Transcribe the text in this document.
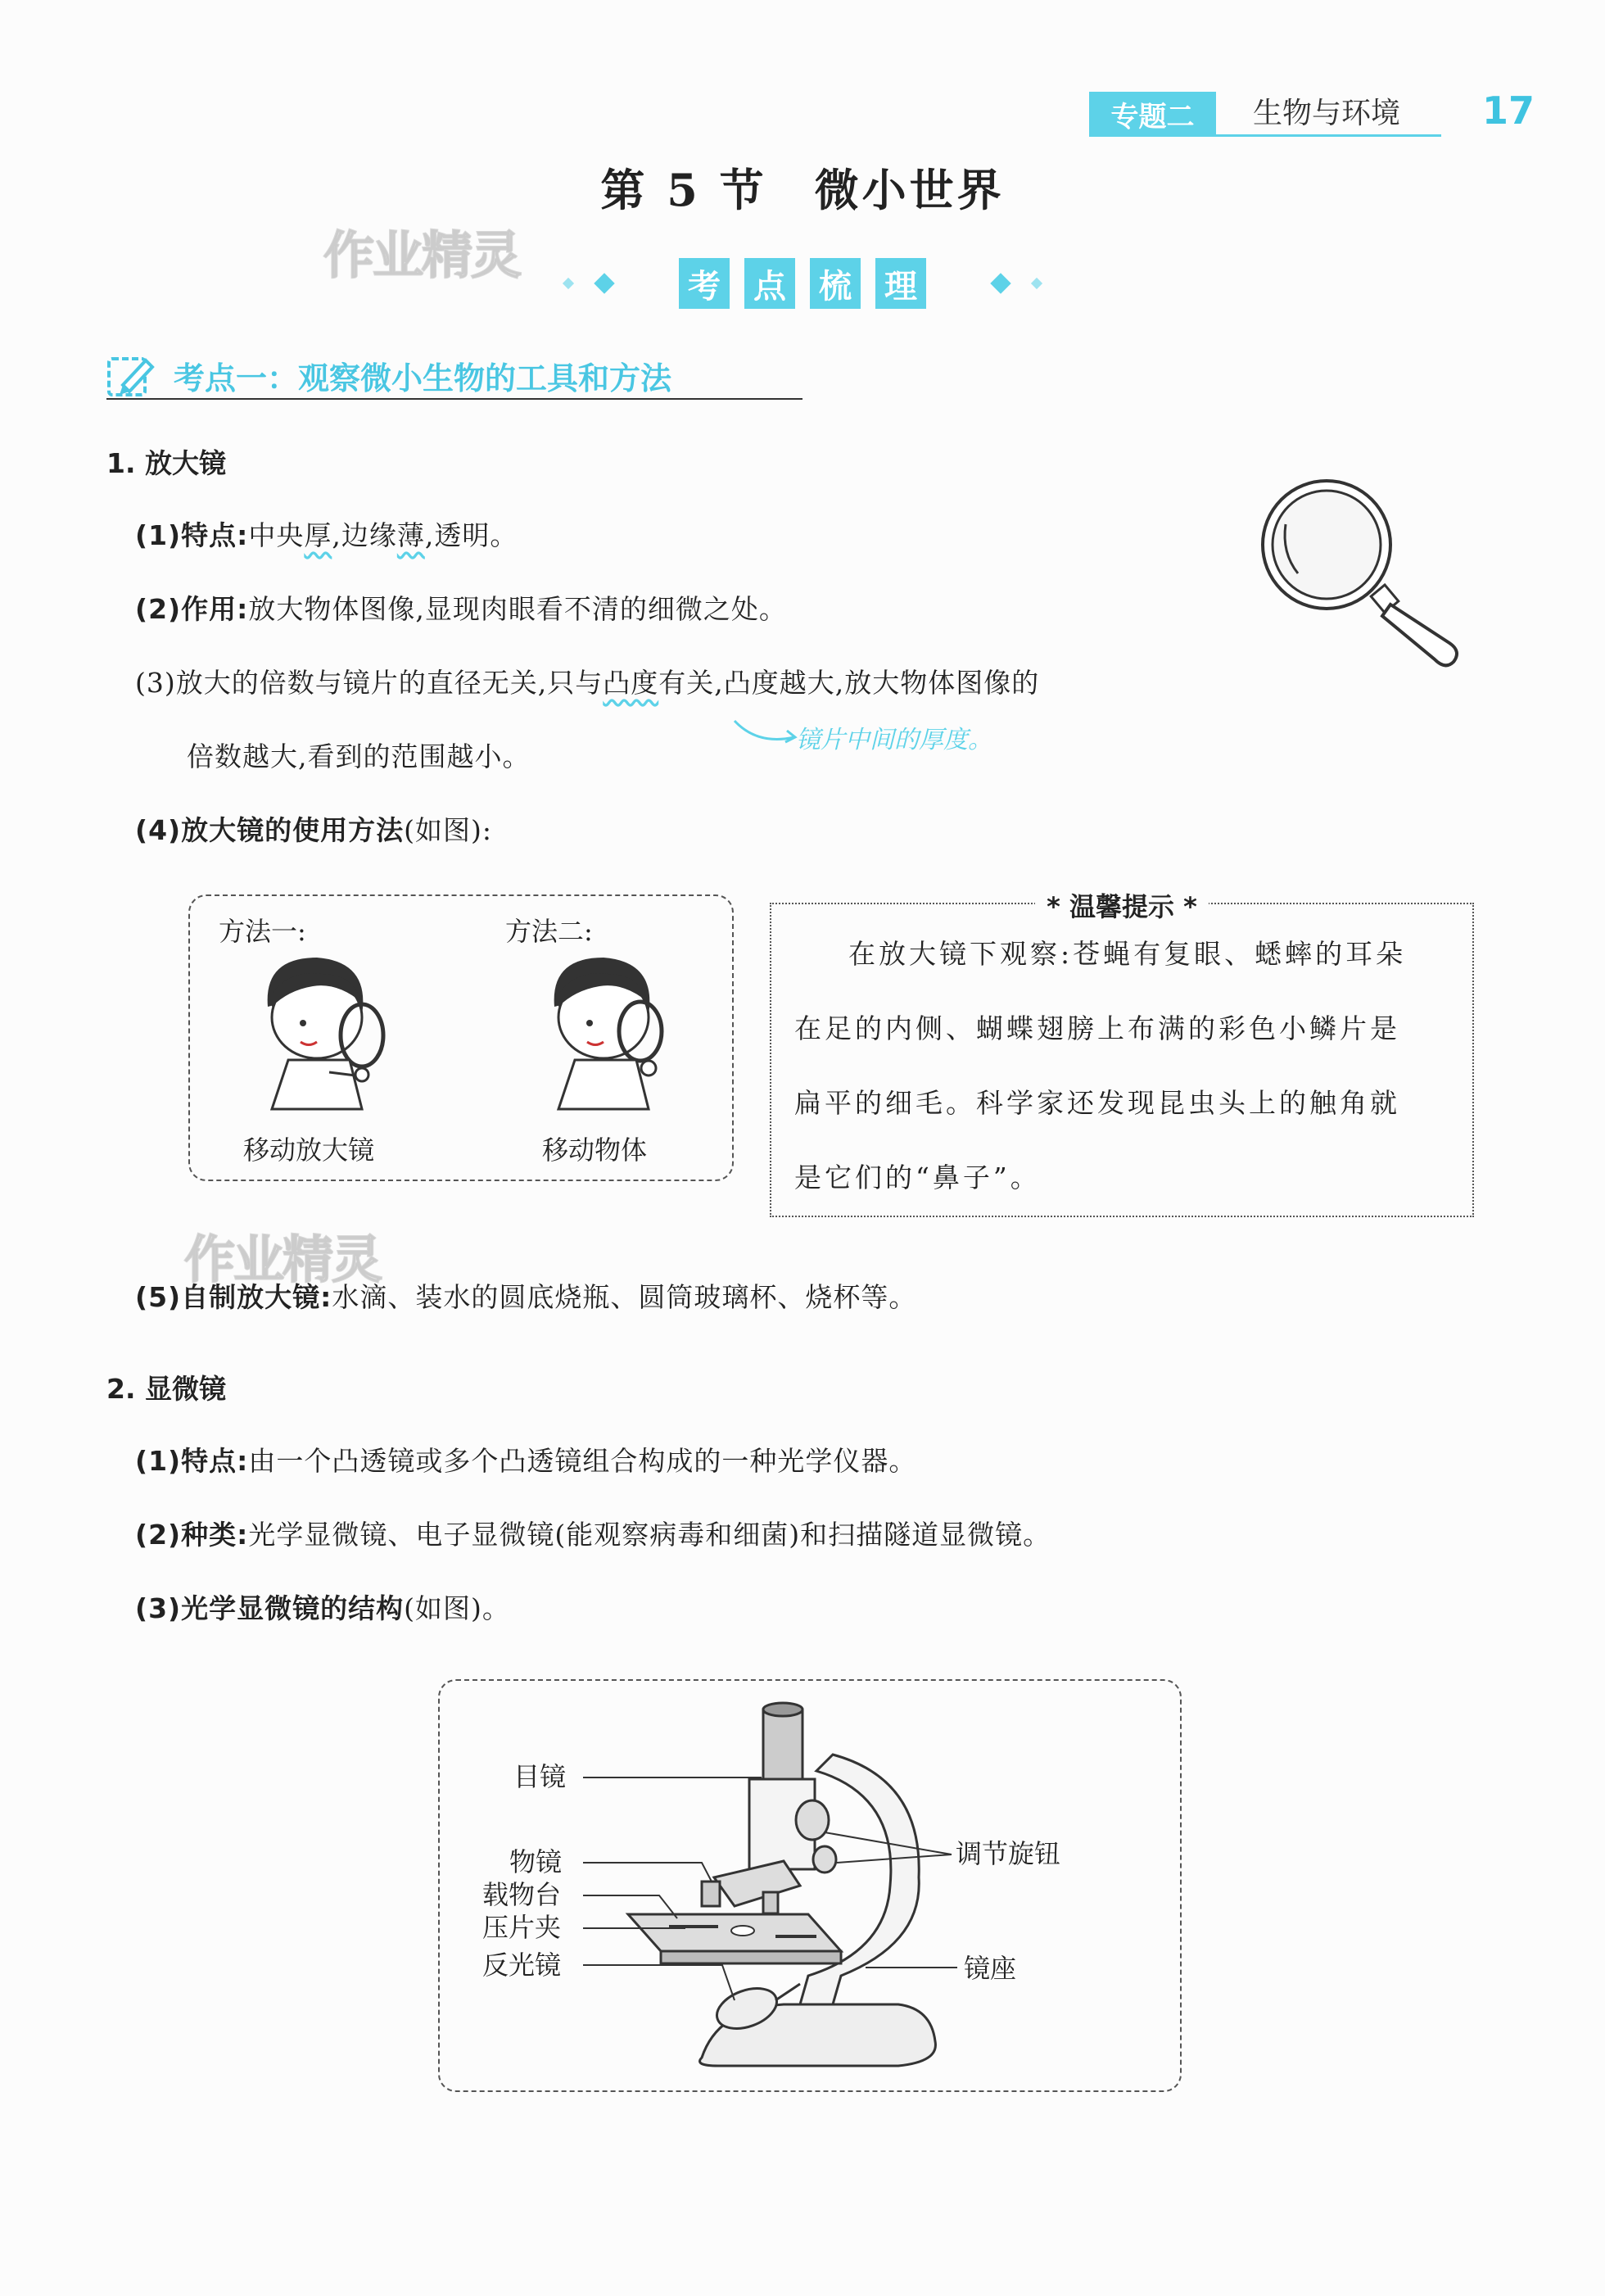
专题二	生物与环境 17
第 5 节　微小世界
作业精灵
作业精灵
考 点 梳 理
考点一：观察微小生物的工具和方法
1. 放大镜
(1)特点:中央厚,边缘薄,透明。
(2)作用:放大物体图像,显现肉眼看不清的细微之处。
(3)放大的倍数与镜片的直径无关,只与凸度有关,凸度越大,放大物体图像的
倍数越大,看到的范围越小。
镜片中间的厚度。
(4)放大镜的使用方法(如图):
方法一:	方法二:
移动放大镜	移动物体
* 温馨提示 *
在放大镜下观察:苍蝇有复眼、蟋蟀的耳朵
在足的内侧、蝴蝶翅膀上布满的彩色小鳞片是
扁平的细毛。科学家还发现昆虫头上的触角就
是它们的“鼻子”。
(5)自制放大镜:水滴、装水的圆底烧瓶、圆筒玻璃杯、烧杯等。
2. 显微镜
(1)特点:由一个凸透镜或多个凸透镜组合构成的一种光学仪器。
(2)种类:光学显微镜、电子显微镜(能观察病毒和细菌)和扫描隧道显微镜。
(3)光学显微镜的结构(如图)。
目镜
物镜
载物台
压片夹
反光镜
调节旋钮
镜座
